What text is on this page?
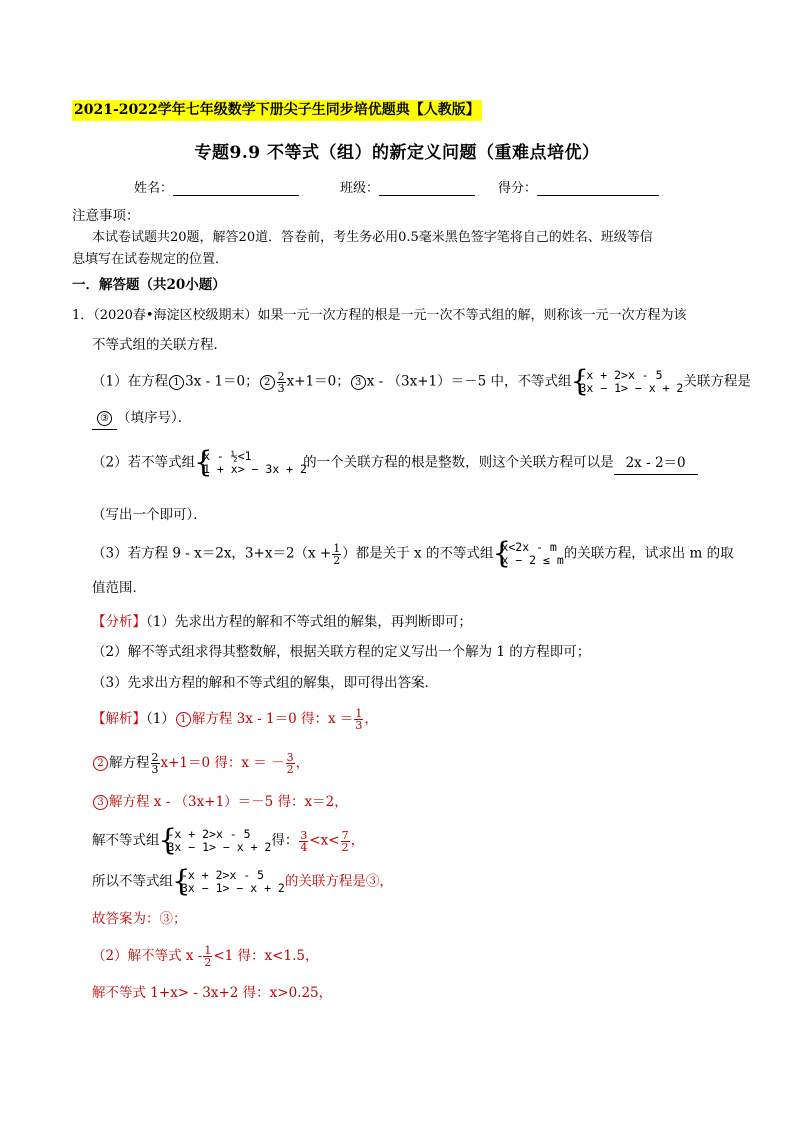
2021-2022学年七年级数学下册尖子生同步培优题典【人教版】
专题9.9 不等式（组）的新定义问题（重难点培优）
姓名：	班级：	得分：
注意事项：
本试卷试题共20题，解答20道．答卷前，考生务必用0.5毫米黑色签字笔将自己的姓名、班级等信
息填写在试卷规定的位置．
一．解答题（共20小题）
1．（2020春•海淀区校级期末）如果一元一次方程的根是一元一次不等式组的解，则称该一元一次方程为该
不等式组的关联方程．
（1）在方程 1 3x - 1＝0； $2 \frac{2}{3} x+1=0$； 3 x - （3x+1）＝－5 中，不等式组 { -x + 2>x - 5
3x − 1> − x + 2 关联方程是
③ （填序号）．
（2）若不等式组 { x - ½<1
1 + x> − 3x + 2
的一个关联方程的根是整数，则这个关联方程可以是 2x - 2＝0
（写出一个即可）．
（3）若方程 9 - x＝2x，$3+x=2(x + \frac{1}{2}$ ）都是关于 x 的不等式组 { x<2x - m
x − 2 ≤ m 的关联方程，试求出 m 的取
值范围．
【分析】（1）先求出方程的解和不等式组的解集，再判断即可；
（2）解不等式组求得其整数解，根据关联方程的定义写出一个解为 1 的方程即可；
（3）先求出方程的解和不等式组的解集，即可得出答案．
【解析】（1） 1 解方程 3x - 1＝0 得：$x = \frac{1}{3}$ ，
2 解方程 $\frac{2}{3} x+1=0$ 得：x ＝ － $\frac{3}{2}$ ，
3 解方程 x - （3x+1）＝－5 得：x＝2，
解不等式组 { -x + 2>x - 5
3x − 1> − x + 2 得： $\frac{3}{4} <x< \frac{7}{2}$ ，
所以不等式组 { -x + 2>x - 5
3x − 1> − x + 2 的关联方程是③，
故答案为：③；
（2）解不等式 $x - \frac{1}{2} <1$ 得：x<1.5，
解不等式 1+x> - 3x+2 得：x>0.25，
